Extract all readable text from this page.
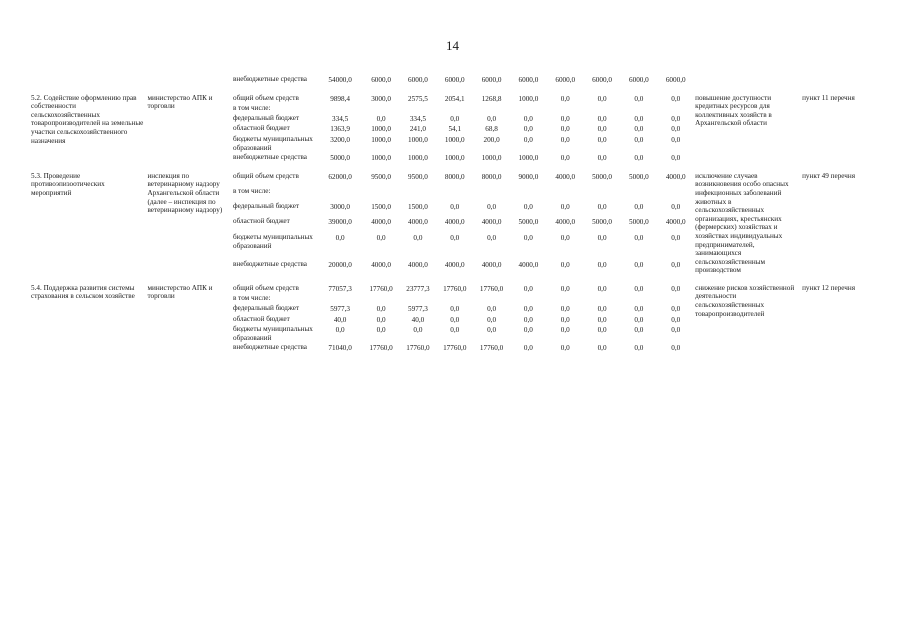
14
		внебюджетные средства	54000,0	6000,0	6000,0	6000,0	6000,0	6000,0	6000,0	6000,0	6000,0	6000,0		

5.2. Содействие оформлению прав собственности сельскохозяйственных товаропроизводителей на земельные участки сельскохозяйственного назначения	министерство АПК и торговли	общий объем средств	9898,4	3000,0	2575,5	2054,1	1268,8	1000,0	0,0	0,0	0,0	0,0	повышение доступности кредитных ресурсов для коллективных хозяйств в Архангельской области	пункт 11 перечня
		в том числе:												
		федеральный бюджет	334,5	0,0	334,5	0,0	0,0	0,0	0,0	0,0	0,0	0,0		

		областной бюджет	1363,9	1000,0	241,0	54,1	68,8	0,0	0,0	0,0	0,0	0,0		

		бюджеты муниципальных образований	3200,0	1000,0	1000,0	1000,0	200,0	0,0	0,0	0,0	0,0	0,0		

		внебюджетные средства	5000,0	1000,0	1000,0	1000,0	1000,0	1000,0	0,0	0,0	0,0	0,0		

5.3. Проведение противоэпизоотических мероприятий	инспекция по ветеринарному надзору Архангельской области (далее – инспекция по ветеринарному надзору)	общий объем средств	62000,0	9500,0	9500,0	8000,0	8000,0	9000,0	4000,0	5000,0	5000,0	4000,0	исключение случаев возникновения особо опасных инфекционных заболеваний животных в сельскохозяйственных организациях, крестьянских (фермерских) хозяйствах и хозяйствах индивидуальных предпринимателей, занимающихся сельскохозяйственным производством	пункт 49 перечня
		в том числе:												
		федеральный бюджет	3000,0	1500,0	1500,0	0,0	0,0	0,0	0,0	0,0	0,0	0,0		

		областной бюджет	39000,0	4000,0	4000,0	4000,0	4000,0	5000,0	4000,0	5000,0	5000,0	4000,0		

		бюджеты муниципальных образований	0,0	0,0	0,0	0,0	0,0	0,0	0,0	0,0	0,0	0,0		

		внебюджетные средства	20000,0	4000,0	4000,0	4000,0	4000,0	4000,0	0,0	0,0	0,0	0,0		

5.4. Поддержка развития системы страхования в сельском хозяйстве	министерство АПК и торговли	общий объем средств	77057,3	17760,0	23777,3	17760,0	17760,0	0,0	0,0	0,0	0,0	0,0	снижение рисков хозяйственной деятельности сельскохозяйственных товаропроизводителей	пункт 12 перечня
		в том числе:												
		федеральный бюджет	5977,3	0,0	5977,3	0,0	0,0	0,0	0,0	0,0	0,0	0,0		

		областной бюджет	40,0	0,0	40,0	0,0	0,0	0,0	0,0	0,0	0,0	0,0		

		бюджеты муниципальных образований	0,0	0,0	0,0	0,0	0,0	0,0	0,0	0,0	0,0	0,0		

		внебюджетные средства	71040,0	17760,0	17760,0	17760,0	17760,0	0,0	0,0	0,0	0,0	0,0		
